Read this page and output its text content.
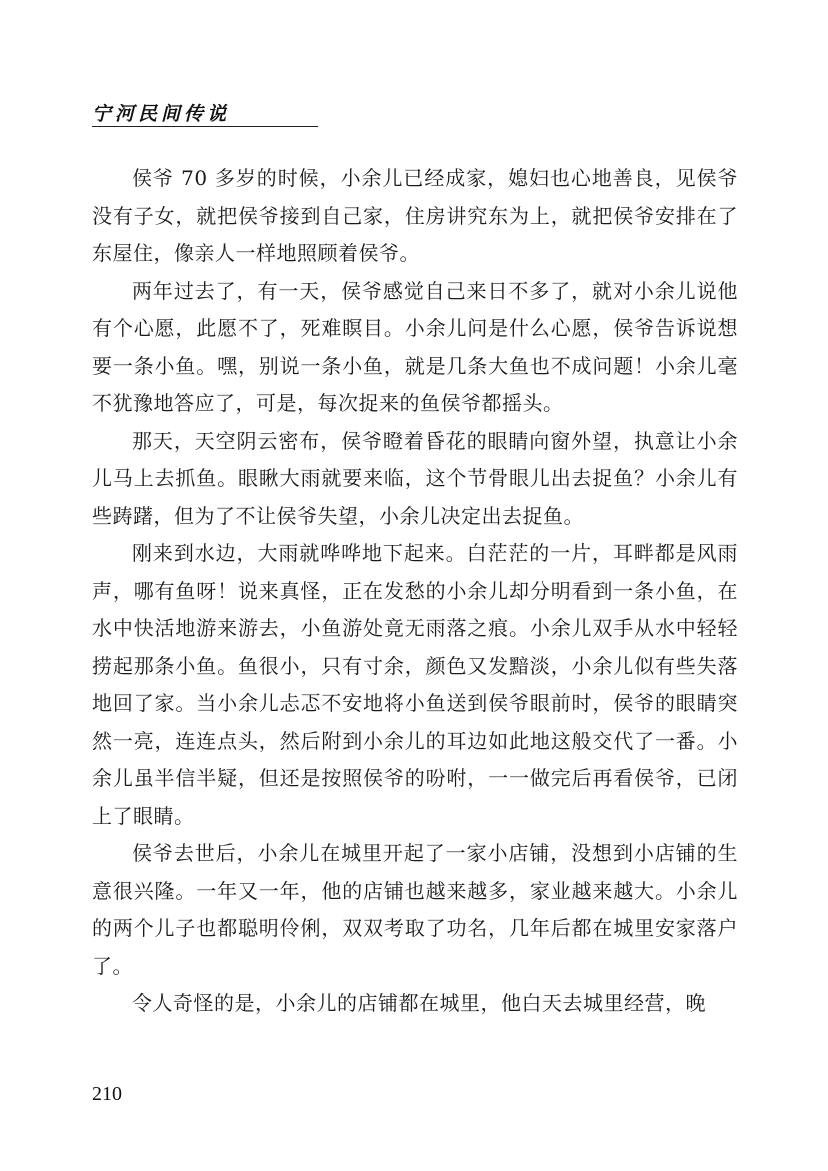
宁河民间传说

侯爷 70 多岁的时候，小余儿已经成家，媳妇也心地善良，见侯爷没有子女，就把侯爷接到自己家，住房讲究东为上，就把侯爷安排在了东屋住，像亲人一样地照顾着侯爷。

两年过去了，有一天，侯爷感觉自己来日不多了，就对小余儿说他有个心愿，此愿不了，死难瞑目。小余儿问是什么心愿，侯爷告诉说想要一条小鱼。嘿，别说一条小鱼，就是几条大鱼也不成问题！小余儿毫不犹豫地答应了，可是，每次捉来的鱼侯爷都摇头。

那天，天空阴云密布，侯爷瞪着昏花的眼睛向窗外望，执意让小余儿马上去抓鱼。眼瞅大雨就要来临，这个节骨眼儿出去捉鱼？小余儿有些踌躇，但为了不让侯爷失望，小余儿决定出去捉鱼。

刚来到水边，大雨就哗哗地下起来。白茫茫的一片，耳畔都是风雨声，哪有鱼呀！说来真怪，正在发愁的小余儿却分明看到一条小鱼，在水中快活地游来游去，小鱼游处竟无雨落之痕。小余儿双手从水中轻轻捞起那条小鱼。鱼很小，只有寸余，颜色又发黯淡，小余儿似有些失落地回了家。当小余儿忐忑不安地将小鱼送到侯爷眼前时，侯爷的眼睛突然一亮，连连点头，然后附到小余儿的耳边如此地这般交代了一番。小余儿虽半信半疑，但还是按照侯爷的吩咐，一一做完后再看侯爷，已闭上了眼睛。

侯爷去世后，小余儿在城里开起了一家小店铺，没想到小店铺的生意很兴隆。一年又一年，他的店铺也越来越多，家业越来越大。小余儿的两个儿子也都聪明伶俐，双双考取了功名，几年后都在城里安家落户了。

令人奇怪的是，小余儿的店铺都在城里，他白天去城里经营，晚

210
